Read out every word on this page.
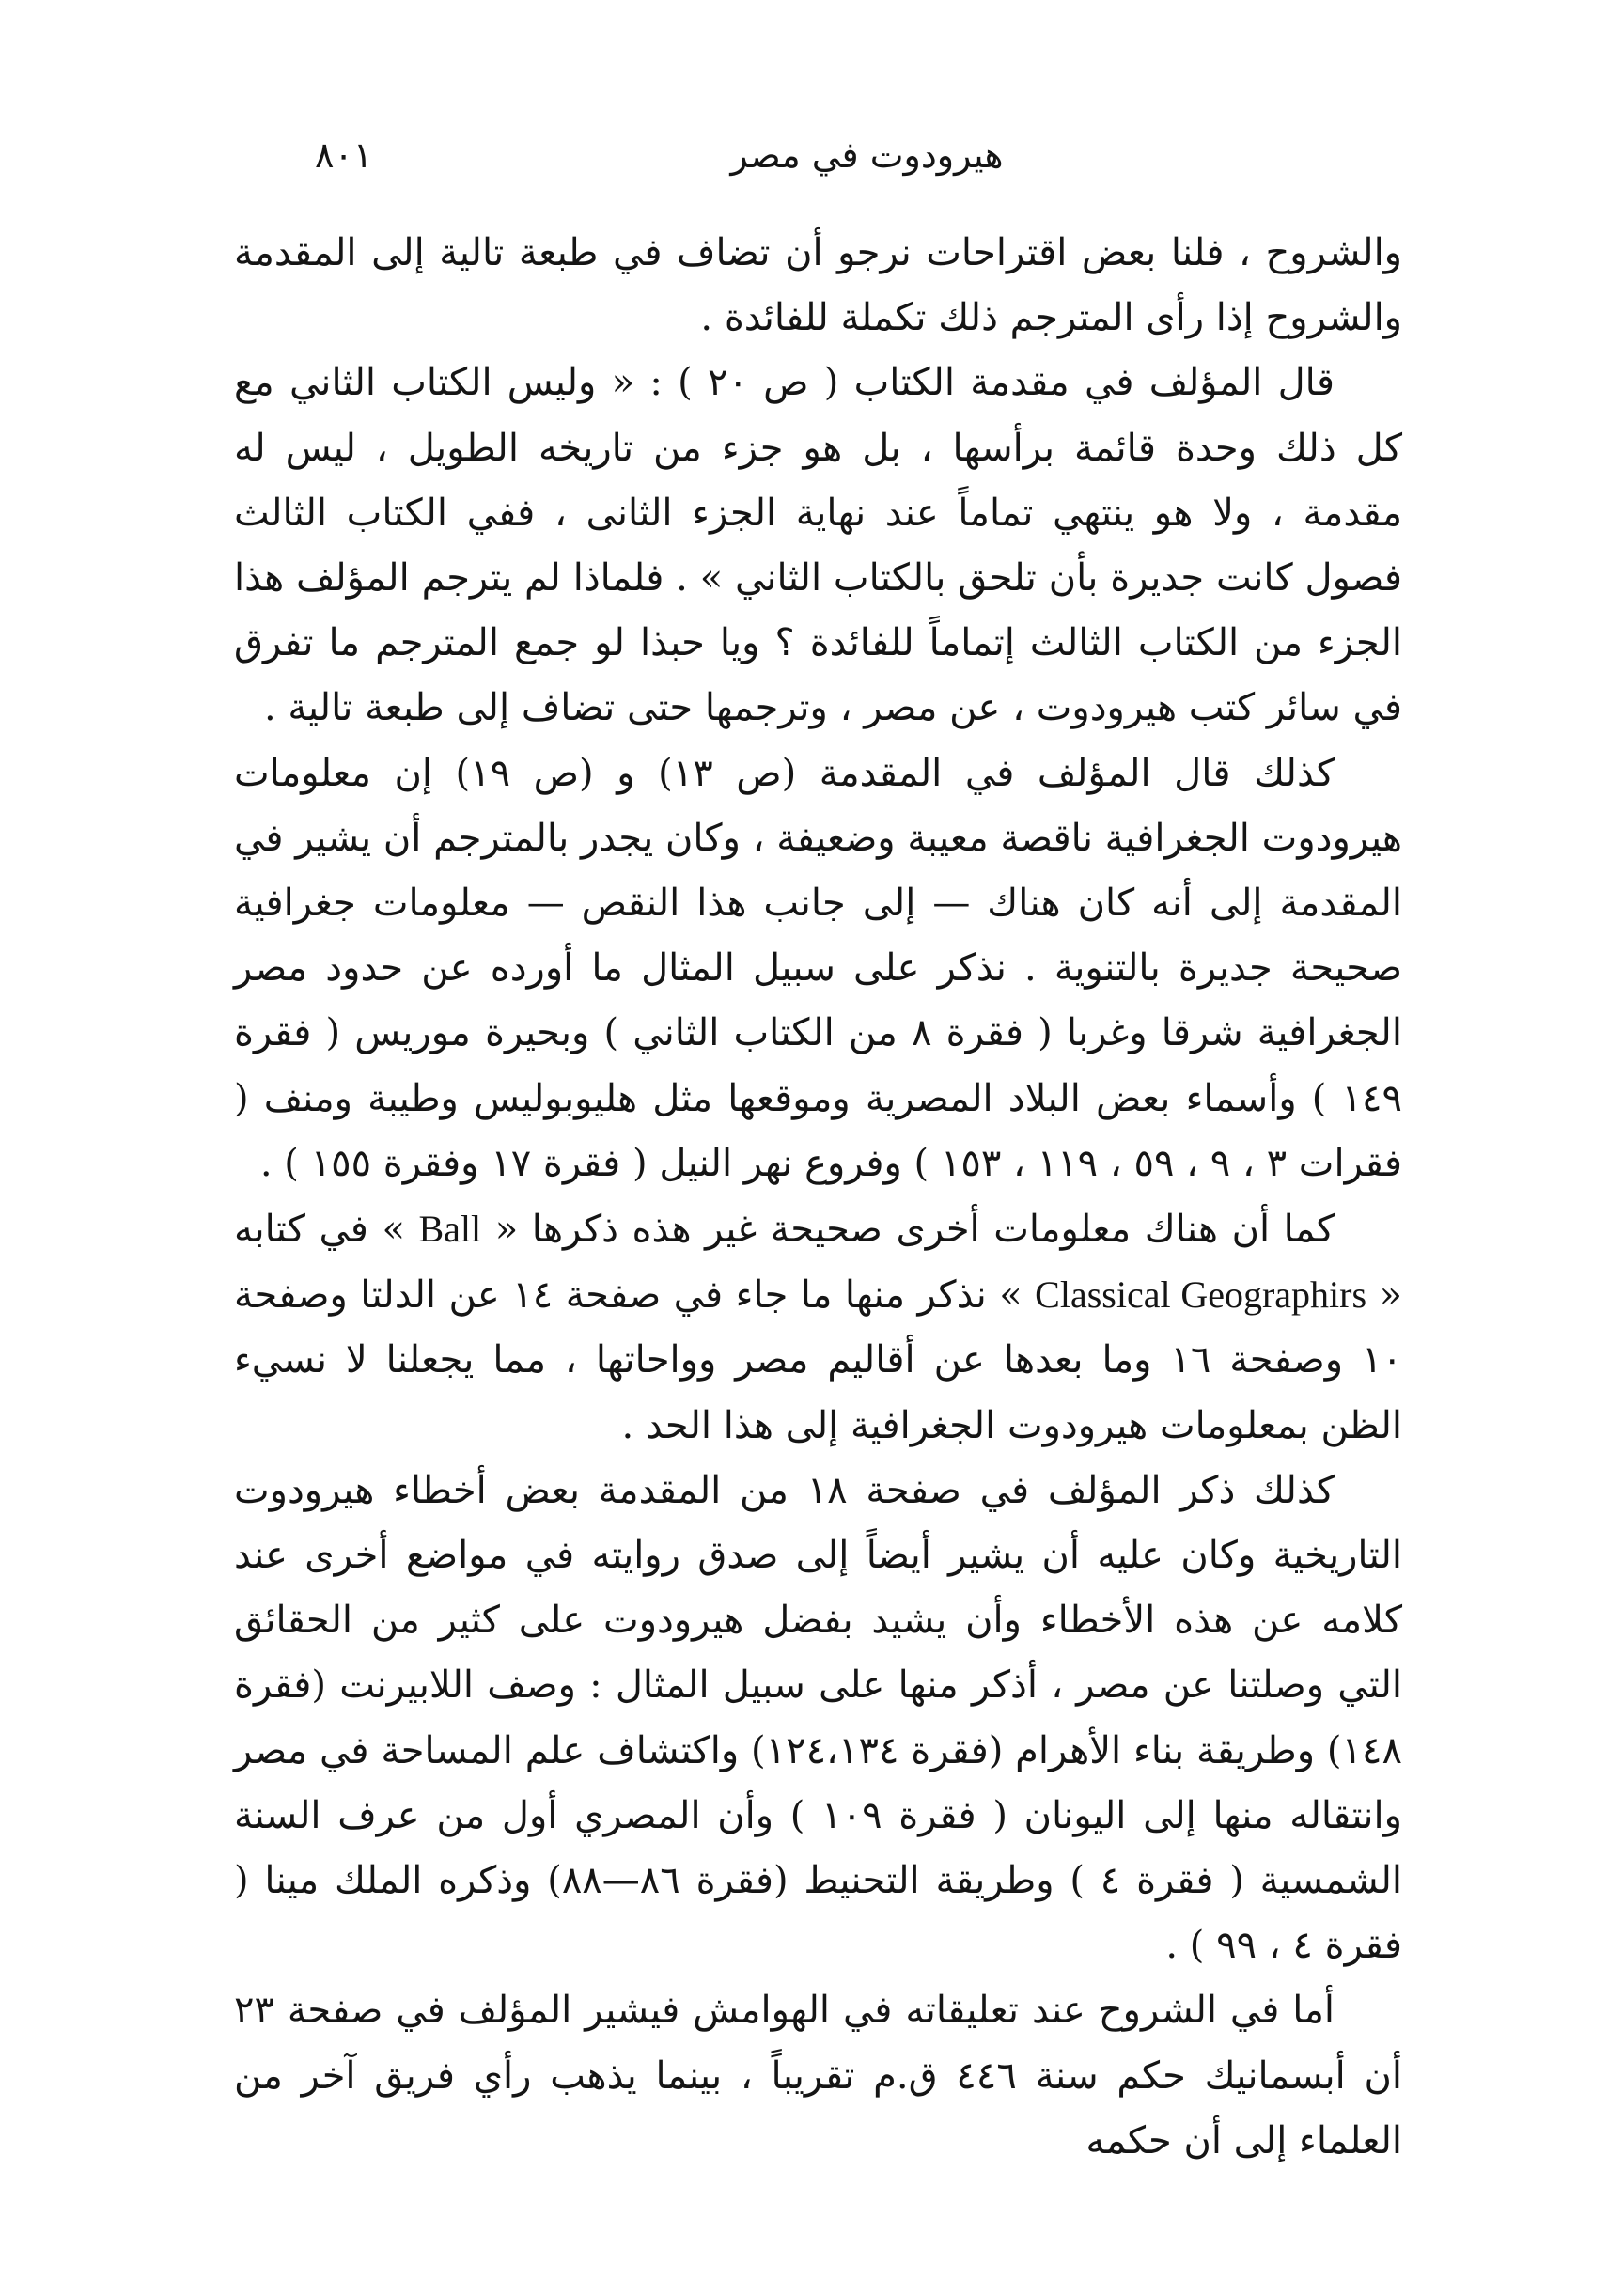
هيرودوت في مصر
٨٠١

والشروح ، فلنا بعض اقتراحات نرجو أن تضاف في طبعة تالية إلى المقدمة والشروح إذا رأى المترجم ذلك تكملة للفائدة .

قال المؤلف في مقدمة الكتاب ( ص ٢٠ ) : « وليس الكتاب الثاني مع كل ذلك وحدة قائمة برأسها ، بل هو جزء من تاريخه الطويل ، ليس له مقدمة ، ولا هو ينتهي تماماً عند نهاية الجزء الثانى ، ففي الكتاب الثالث فصول كانت جديرة بأن تلحق بالكتاب الثاني » . فلماذا لم يترجم المؤلف هذا الجزء من الكتاب الثالث إتماماً للفائدة ؟ ويا حبذا لو جمع المترجم ما تفرق في سائر كتب هيرودوت ، عن مصر ، وترجمها حتى تضاف إلى طبعة تالية .

كذلك قال المؤلف في المقدمة (ص ١٣) و (ص ١٩) إن معلومات هيرودوت الجغرافية ناقصة معيبة وضعيفة ، وكان يجدر بالمترجم أن يشير في المقدمة إلى أنه كان هناك — إلى جانب هذا النقص — معلومات جغرافية صحيحة جديرة بالتنوية . نذكر على سبيل المثال ما أورده عن حدود مصر الجغرافية شرقا وغربا ( فقرة ٨ من الكتاب الثاني ) وبحيرة موريس ( فقرة ١٤٩ ) وأسماء بعض البلاد المصرية وموقعها مثل هليوبوليس وطيبة ومنف ( فقرات ٣ ، ٩ ، ٥٩ ، ١١٩ ، ١٥٣ ) وفروع نهر النيل ( فقرة ١٧ وفقرة ١٥٥ ) .

كما أن هناك معلومات أخرى صحيحة غير هذه ذكرها « Ball » في كتابه « Classical Geographirs » نذكر منها ما جاء في صفحة ١٤ عن الدلتا وصفحة ١٠ وصفحة ١٦ وما بعدها عن أقاليم مصر وواحاتها ، مما يجعلنا لا نسيء الظن بمعلومات هيرودوت الجغرافية إلى هذا الحد .

كذلك ذكر المؤلف في صفحة ١٨ من المقدمة بعض أخطاء هيرودوت التاريخية وكان عليه أن يشير أيضاً إلى صدق روايته في مواضع أخرى عند كلامه عن هذه الأخطاء وأن يشيد بفضل هيرودوت على كثير من الحقائق التي وصلتنا عن مصر ، أذكر منها على سبيل المثال : وصف اللابيرنت (فقرة ١٤٨) وطريقة بناء الأهرام (فقرة ١٢٤،١٣٤) واكتشاف علم المساحة في مصر وانتقاله منها إلى اليونان ( فقرة ١٠٩ ) وأن المصري أول من عرف السنة الشمسية ( فقرة ٤ ) وطريقة التحنيط (فقرة ٨٦—٨٨) وذكره الملك مينا ( فقرة ٤ ، ٩٩ ) .

أما في الشروح عند تعليقاته في الهوامش فيشير المؤلف في صفحة ٢٣ أن أبسمانيك حكم سنة ٤٤٦ ق.م تقريباً ، بينما يذهب رأي فريق آخر من العلماء إلى أن حكمه
